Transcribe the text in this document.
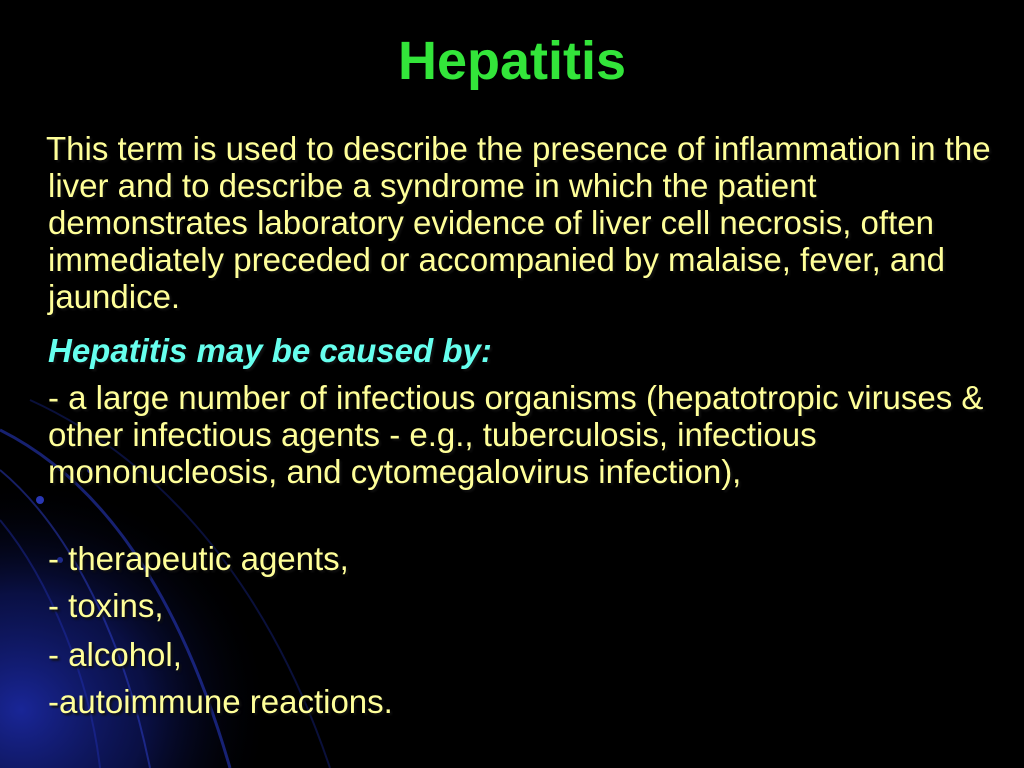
Hepatitis

This term is used to describe the presence of inflammation in the liver and to describe a syndrome in which the patient demonstrates laboratory evidence of liver cell necrosis, often immediately preceded or accompanied by malaise, fever, and jaundice.

Hepatitis may be caused by:

- a large number of infectious organisms (hepatotropic viruses & other infectious agents - e.g., tuberculosis, infectious mononucleosis, and cytomegalovirus infection),

- therapeutic agents,
- toxins,
- alcohol,
-autoimmune reactions.
